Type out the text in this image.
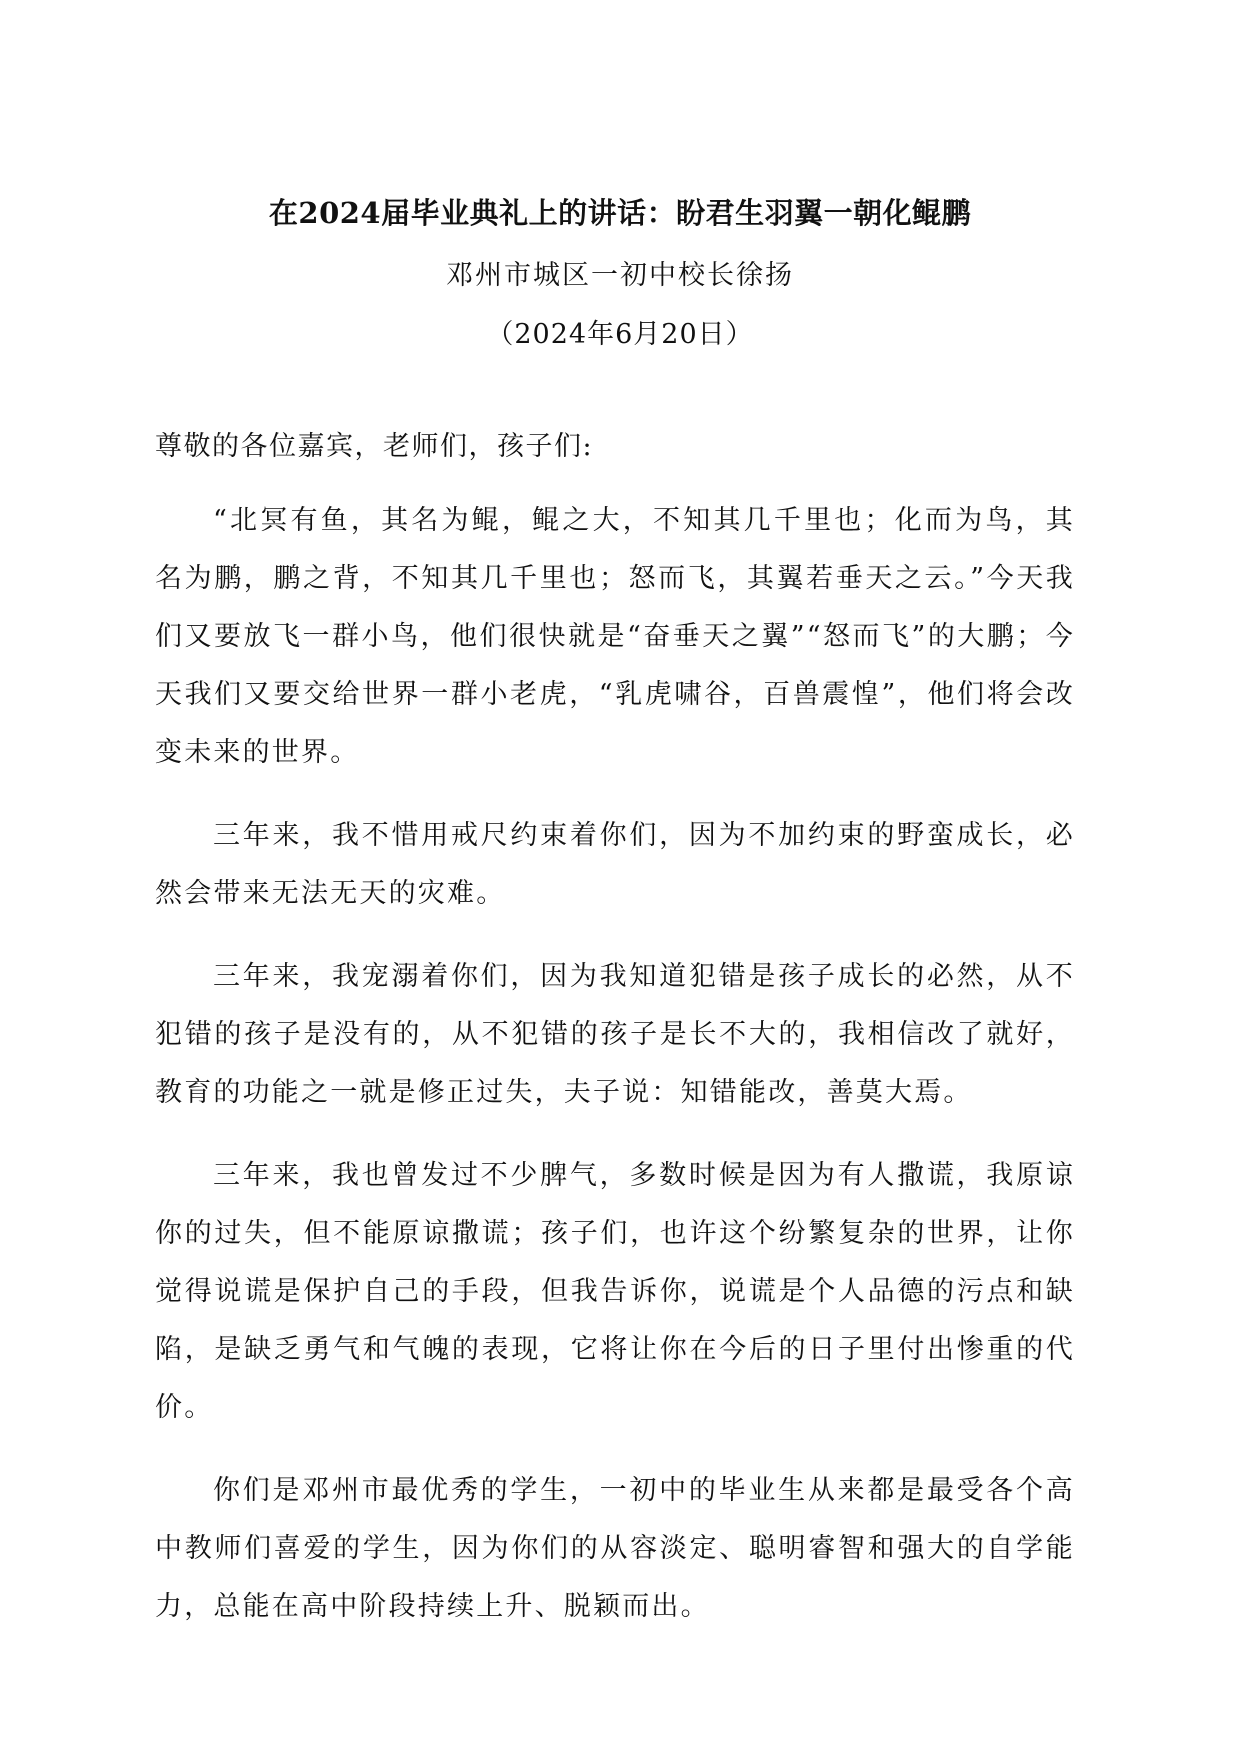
在2024届毕业典礼上的讲话：盼君生羽翼一朝化鲲鹏
邓州市城区一初中校长徐扬
（2024年6月20日）

尊敬的各位嘉宾，老师们，孩子们:

“北冥有鱼，其名为鲲，鲲之大，不知其几千里也；化而为鸟，其名为鹏，鹏之背，不知其几千里也；怒而飞，其翼若垂天之云。”今天我们又要放飞一群小鸟，他们很快就是“奋垂天之翼”“怒而飞”的大鹏；今天我们又要交给世界一群小老虎，“乳虎啸谷，百兽震惶”，他们将会改变未来的世界。

三年来，我不惜用戒尺约束着你们，因为不加约束的野蛮成长，必然会带来无法无天的灾难。

三年来，我宠溺着你们，因为我知道犯错是孩子成长的必然，从不犯错的孩子是没有的，从不犯错的孩子是长不大的，我相信改了就好，教育的功能之一就是修正过失，夫子说：知错能改，善莫大焉。

三年来，我也曾发过不少脾气，多数时候是因为有人撒谎，我原谅你的过失，但不能原谅撒谎；孩子们，也许这个纷繁复杂的世界，让你觉得说谎是保护自己的手段，但我告诉你，说谎是个人品德的污点和缺陷，是缺乏勇气和气魄的表现，它将让你在今后的日子里付出惨重的代价。

你们是邓州市最优秀的学生，一初中的毕业生从来都是最受各个高中教师们喜爱的学生，因为你们的从容淡定、聪明睿智和强大的自学能力，总能在高中阶段持续上升、脱颖而出。
